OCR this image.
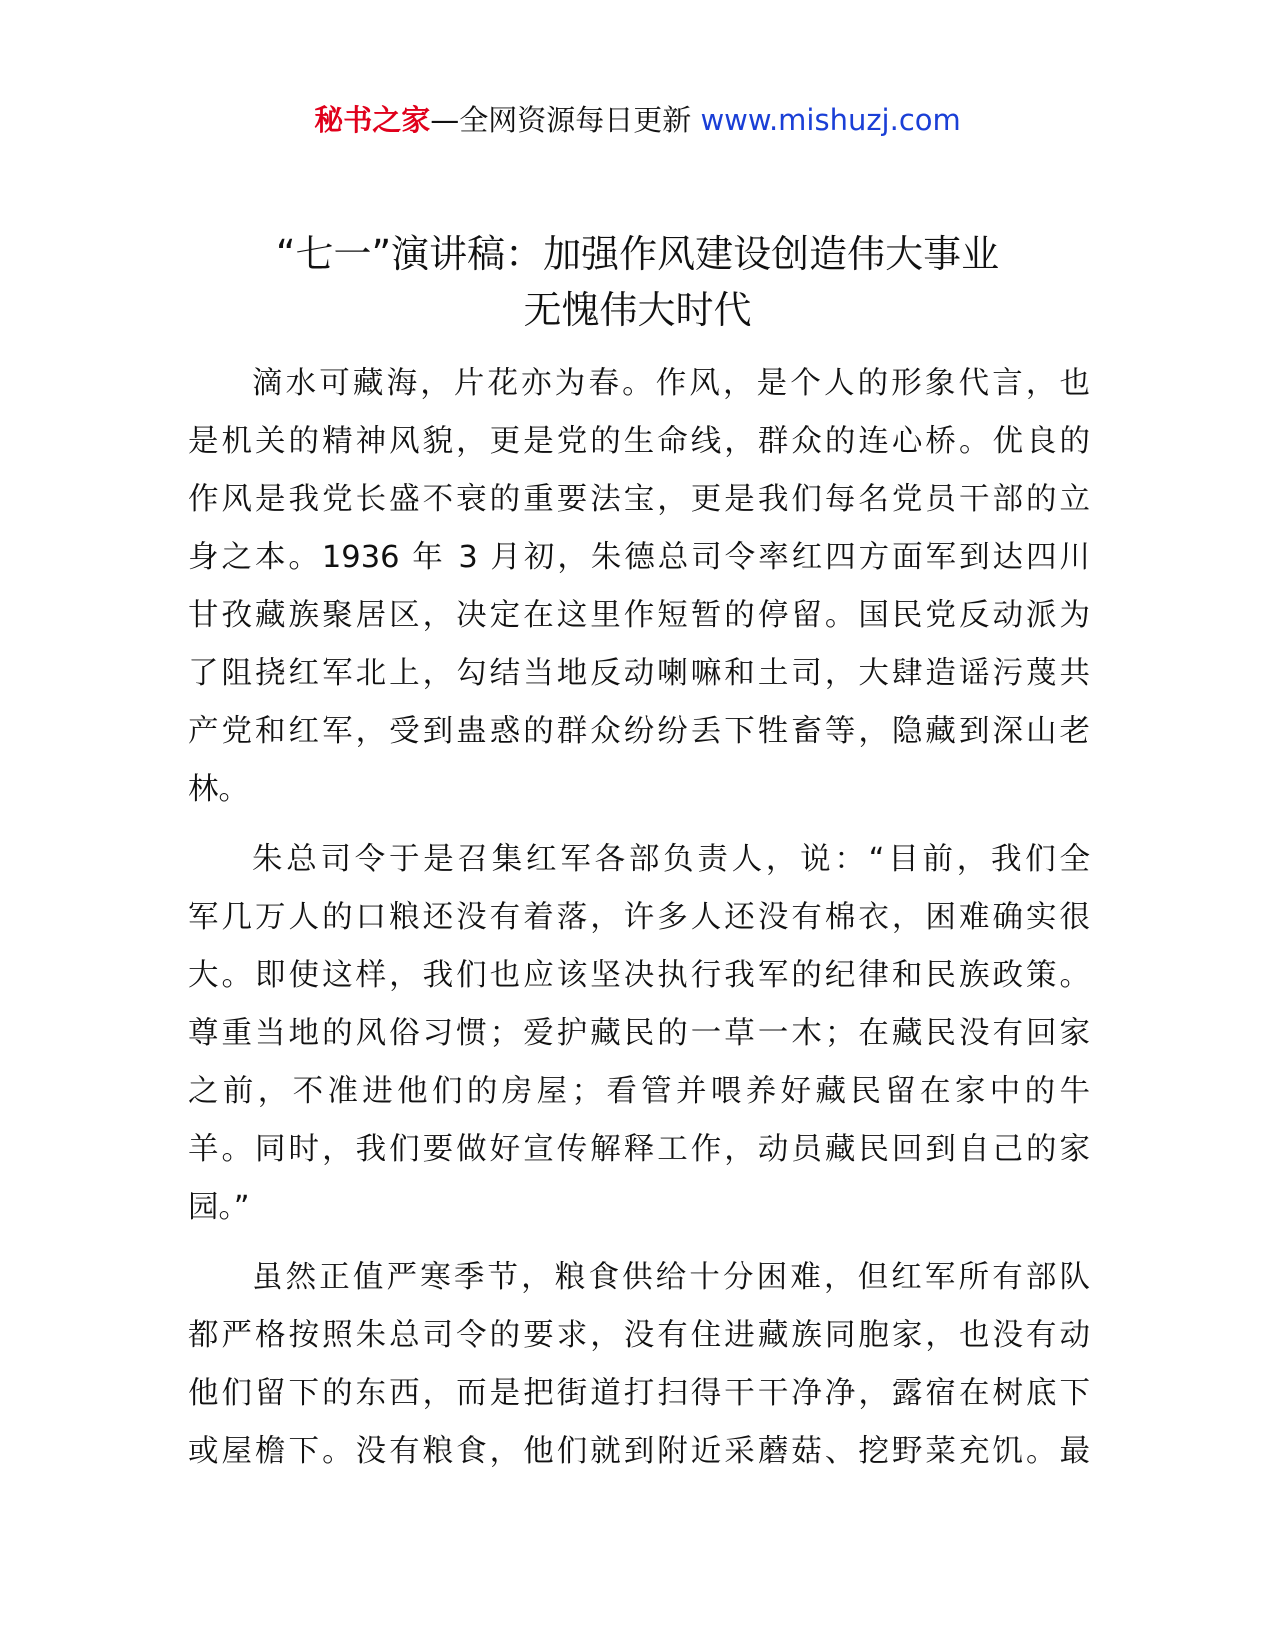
秘书之家—全网资源每日更新 www.mishuzj.com
“七一”演讲稿：加强作风建设创造伟大事业
无愧伟大时代
滴水可藏海，片花亦为春。作风，是个人的形象代言，也
是机关的精神风貌，更是党的生命线，群众的连心桥。优良的
作风是我党长盛不衰的重要法宝，更是我们每名党员干部的立
身之本。1936 年 3 月初，朱德总司令率红四方面军到达四川
甘孜藏族聚居区，决定在这里作短暂的停留。国民党反动派为
了阻挠红军北上，勾结当地反动喇嘛和土司，大肆造谣污蔑共
产党和红军，受到蛊惑的群众纷纷丢下牲畜等，隐藏到深山老
林。
朱总司令于是召集红军各部负责人，说：“目前，我们全
军几万人的口粮还没有着落，许多人还没有棉衣，困难确实很
大。即使这样，我们也应该坚决执行我军的纪律和民族政策。
尊重当地的风俗习惯；爱护藏民的一草一木；在藏民没有回家
之前，不准进他们的房屋；看管并喂养好藏民留在家中的牛
羊。同时，我们要做好宣传解释工作，动员藏民回到自己的家
园。”
虽然正值严寒季节，粮食供给十分困难，但红军所有部队
都严格按照朱总司令的要求，没有住进藏族同胞家，也没有动
他们留下的东西，而是把街道打扫得干干净净，露宿在树底下
或屋檐下。没有粮食，他们就到附近采蘑菇、挖野菜充饥。最
